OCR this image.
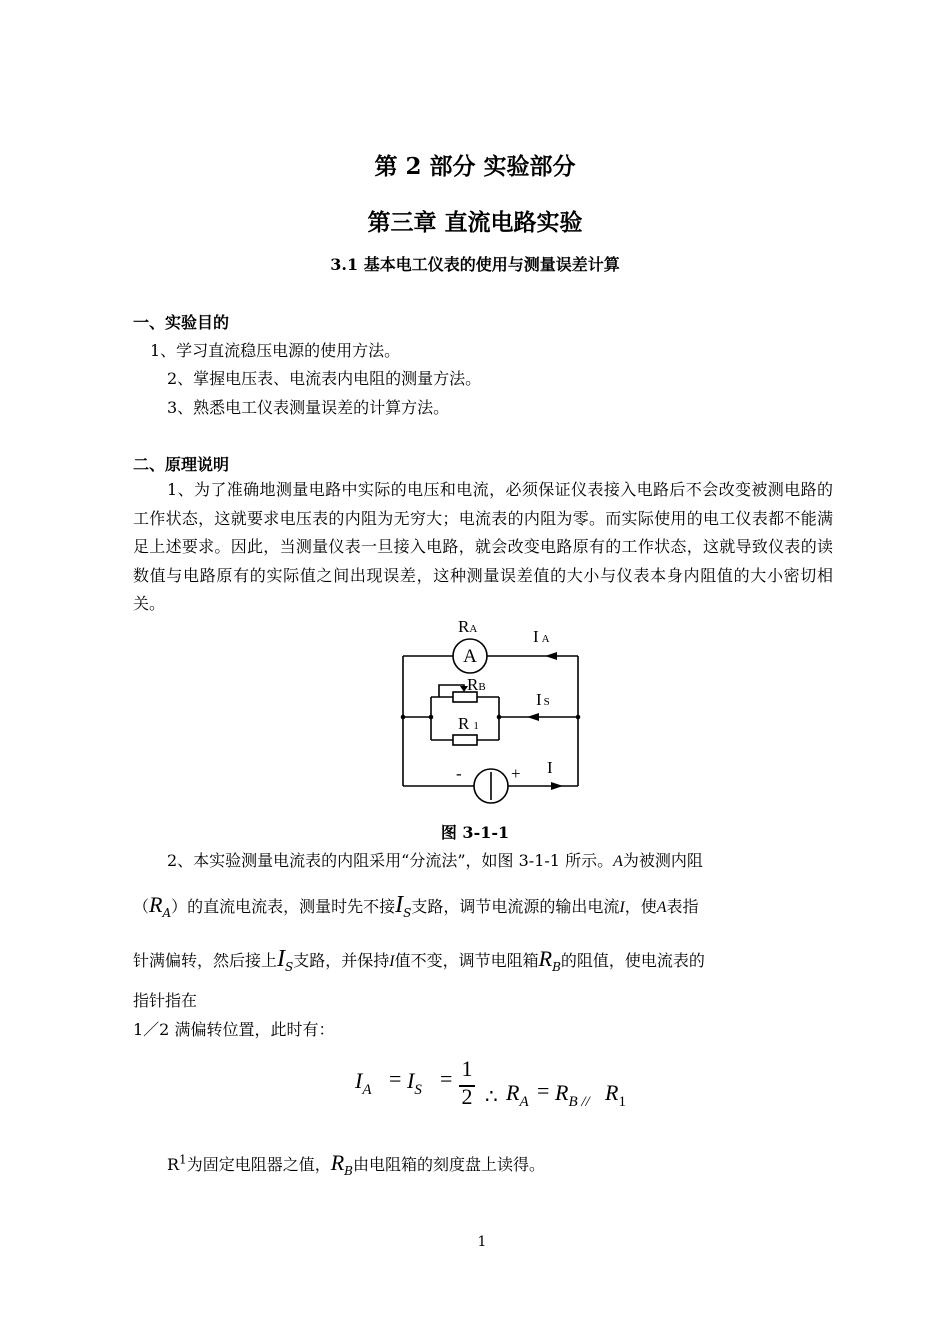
第 2 部分 实验部分
第三章 直流电路实验
3.1 基本电工仪表的使用与测量误差计算
一、实验目的
1、学习直流稳压电源的使用方法。
2、掌握电压表、电流表内电阻的测量方法。
3、熟悉电工仪表测量误差的计算方法。
二、原理说明
1、为了准确地测量电路中实际的电压和电流，必须保证仪表接入电路后不会改变被测电路的工作状态，这就要求电压表的内阻为无穷大；电流表的内阻为零。而实际使用的电工仪表都不能满足上述要求。因此，当测量仪表一旦接入电路，就会改变电路原有的工作状态，这就导致仪表的读数值与电路原有的实际值之间出现误差，这种测量误差值的大小与仪表本身内阻值的大小密切相关。
RA
A
I A
RB
I S
R 1
-	+ I
图 3-1-1
2、本实验测量电流表的内阻采用“分流法”，如图 3-1-1 所示。A为被测内阻
$(R_A)$的直流电流表，测量时先不接$I_S$支路，调节电流源的输出电流I，使A表指
针满偏转，然后接上$I_S$支路，并保持I值不变，调节电阻箱$R_B$的阻值，使电流表的
指针指在
1／2 满偏转位置，此时有：
$I_A = I_S = 1$
2 ∴ $R_A = R_{B //}$ $R_1$
$R^1$为固定电阻器之值，$R_B$由电阻箱的刻度盘上读得。
1
